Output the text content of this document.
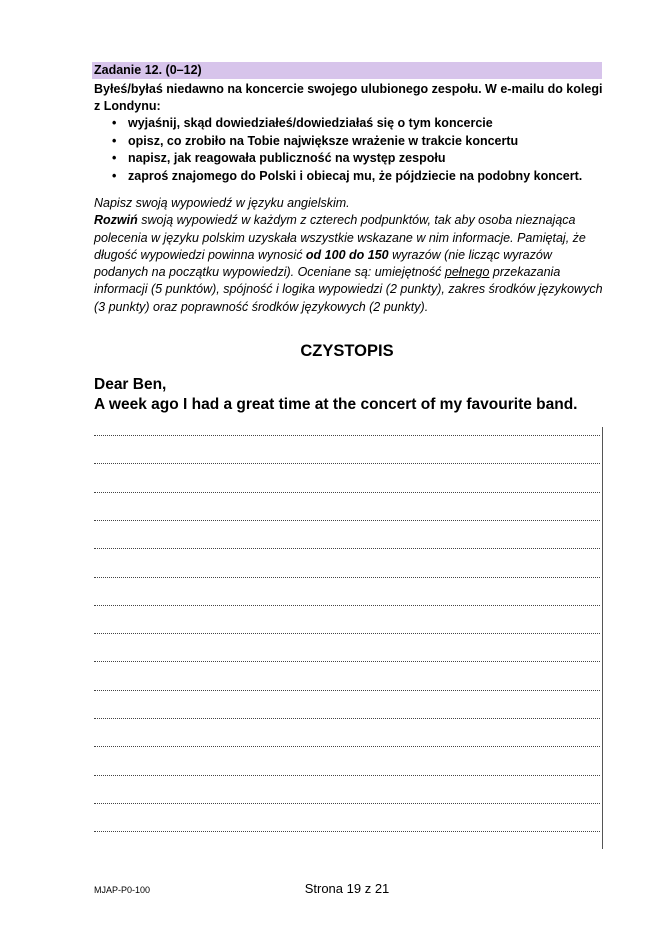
Zadanie 12. (0–12)
Byłeś/byłaś niedawno na koncercie swojego ulubionego zespołu. W e-mailu do kolegi z Londynu:
• wyjaśnij, skąd dowiedziałeś/dowiedziałaś się o tym koncercie
• opisz, co zrobiło na Tobie największe wrażenie w trakcie koncertu
• napisz, jak reagowała publiczność na występ zespołu
• zaproś znajomego do Polski i obiecaj mu, że pójdziecie na podobny koncert.
Napisz swoją wypowiedź w języku angielskim.
Rozwiń swoją wypowiedź w każdym z czterech podpunktów, tak aby osoba nieznająca polecenia w języku polskim uzyskała wszystkie wskazane w nim informacje. Pamiętaj, że długość wypowiedzi powinna wynosić od 100 do 150 wyrazów (nie licząc wyrazów podanych na początku wypowiedzi). Oceniane są: umiejętność pełnego przekazania informacji (5 punktów), spójność i logika wypowiedzi (2 punkty), zakres środków językowych (3 punkty) oraz poprawność środków językowych (2 punkty).
CZYSTOPIS
Dear Ben,
A week ago I had a great time at the concert of my favourite band.
MJAP-P0-100	Strona 19 z 21
